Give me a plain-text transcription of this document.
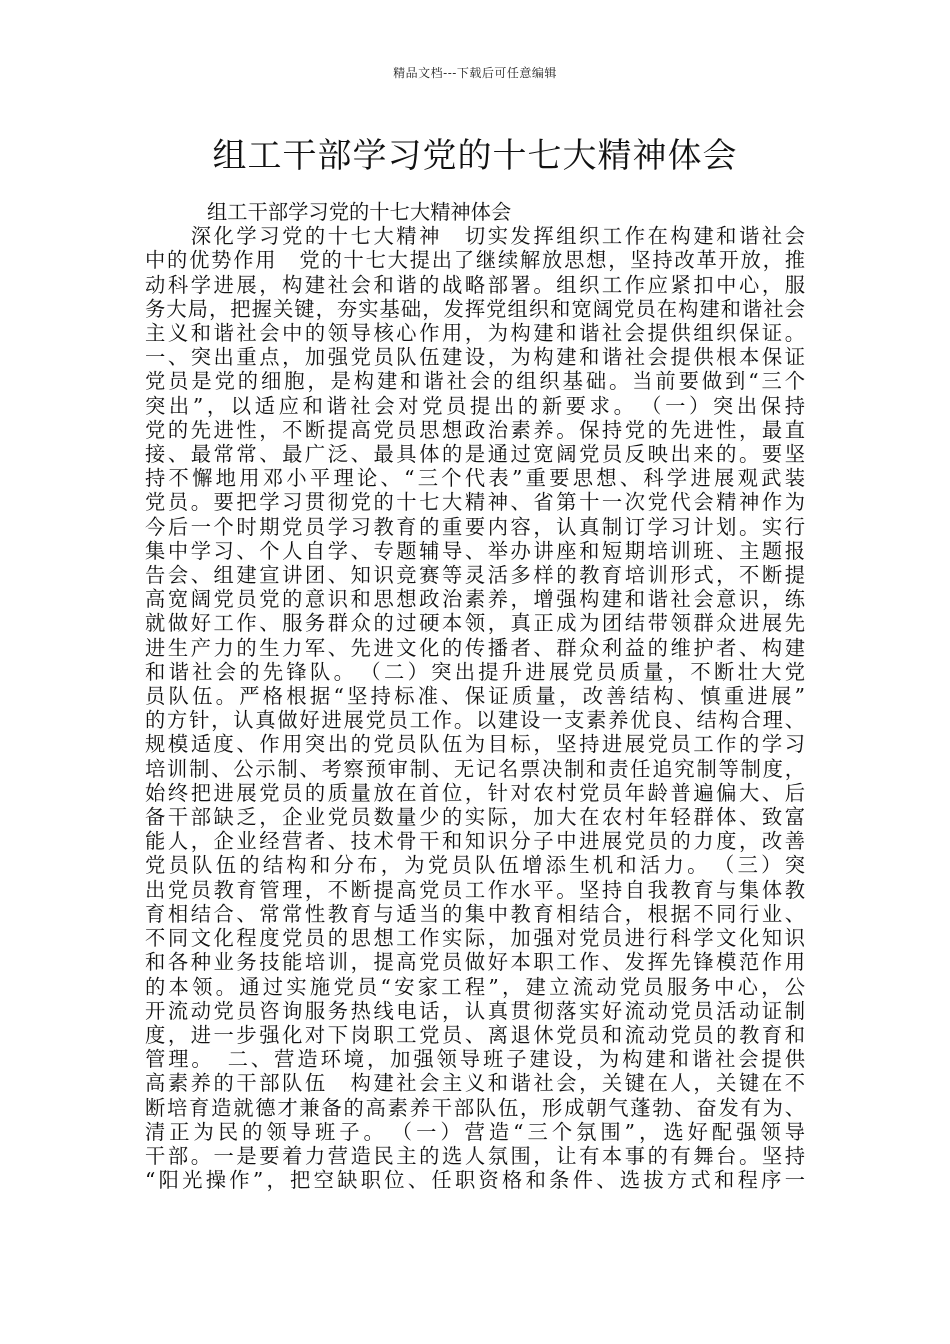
精品文档---下载后可任意编辑
组工干部学习党的十七大精神体会
组工干部学习党的十七大精神体会
　　深化学习党的十七大精神　切实发挥组织工作在构建和谐社会
中的优势作用　党的十七大提出了继续解放思想，坚持改革开放，推
动科学进展，构建社会和谐的战略部署。组织工作应紧扣中心，服
务大局，把握关键，夯实基础，发挥党组织和宽阔党员在构建和谐社会
主义和谐社会中的领导核心作用，为构建和谐社会提供组织保证。
一、突出重点，加强党员队伍建设，为构建和谐社会提供根本保证
党员是党的细胞，是构建和谐社会的组织基础。当前要做到“三个
突出”，以适应和谐社会对党员提出的新要求。　（一）突出保持
党的先进性，不断提高党员思想政治素养。保持党的先进性，最直
接、最常常、最广泛、最具体的是通过宽阔党员反映出来的。要坚
持不懈地用邓小平理论、“三个代表”重要思想、科学进展观武装
党员。要把学习贯彻党的十七大精神、省第十一次党代会精神作为
今后一个时期党员学习教育的重要内容，认真制订学习计划。实行
集中学习、个人自学、专题辅导、举办讲座和短期培训班、主题报
告会、组建宣讲团、知识竞赛等灵活多样的教育培训形式，不断提
高宽阔党员党的意识和思想政治素养，增强构建和谐社会意识，练
就做好工作、服务群众的过硬本领，真正成为团结带领群众进展先
进生产力的生力军、先进文化的传播者、群众利益的维护者、构建
和谐社会的先锋队。　（二）突出提升进展党员质量，不断壮大党
员队伍。严格根据“坚持标准、保证质量，改善结构、慎重进展”
的方针，认真做好进展党员工作。以建设一支素养优良、结构合理、
规模适度、作用突出的党员队伍为目标，坚持进展党员工作的学习
培训制、公示制、考察预审制、无记名票决制和责任追究制等制度，
始终把进展党员的质量放在首位，针对农村党员年龄普遍偏大、后
备干部缺乏，企业党员数量少的实际，加大在农村年轻群体、致富
能人，企业经营者、技术骨干和知识分子中进展党员的力度，改善
党员队伍的结构和分布，为党员队伍增添生机和活力。　（三）突
出党员教育管理，不断提高党员工作水平。坚持自我教育与集体教
育相结合、常常性教育与适当的集中教育相结合，根据不同行业、
不同文化程度党员的思想工作实际，加强对党员进行科学文化知识
和各种业务技能培训，提高党员做好本职工作、发挥先锋模范作用
的本领。通过实施党员“安家工程”，建立流动党员服务中心，公
开流动党员咨询服务热线电话，认真贯彻落实好流动党员活动证制
度，进一步强化对下岗职工党员、离退休党员和流动党员的教育和
管理。　二、营造环境，加强领导班子建设，为构建和谐社会提供
高素养的干部队伍　构建社会主义和谐社会，关键在人，关键在不
断培育造就德才兼备的高素养干部队伍，形成朝气蓬勃、奋发有为、
清正为民的领导班子。　（一）营造“三个氛围”，选好配强领导
干部。一是要着力营造民主的选人氛围，让有本事的有舞台。坚持
“阳光操作”，把空缺职位、任职资格和条件、选拔方式和程序一
